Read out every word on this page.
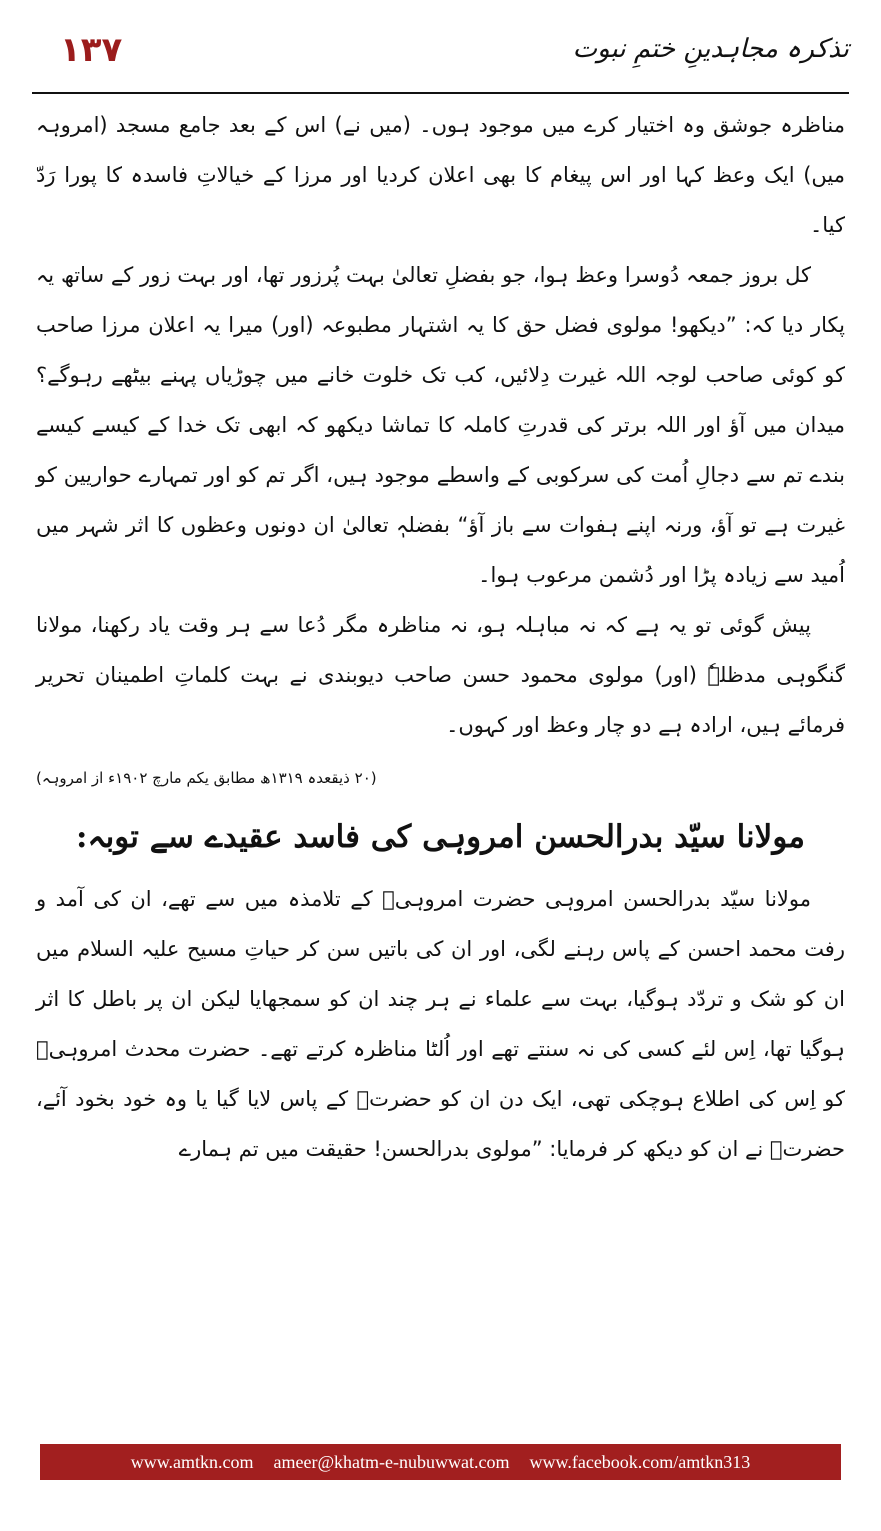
۱۳۷	تذکرہ مجاہدینِ ختمِ نبوت

مناظرہ جوشق وہ اختیار کرے میں موجود ہوں۔ (میں نے) اس کے بعد جامع مسجد (امروہہ میں) ایک وعظ کہا اور اس پیغام کا بھی اعلان کردیا اور مرزا کے خیالاتِ فاسدہ کا پورا رَدّ کیا۔

کل بروز جمعہ دُوسرا وعظ ہوا، جو بفضلِ تعالیٰ بہت پُرزور تھا، اور بہت زور کے ساتھ یہ پکار دیا کہ: ”دیکھو! مولوی فضل حق کا یہ اشتہار مطبوعہ (اور) میرا یہ اعلان مرزا صاحب کو کوئی صاحب لوجہ اللہ غیرت دِلائیں، کب تک خلوت خانے میں چوڑیاں پہنے بیٹھے رہوگے؟ میدان میں آؤ اور اللہ برتر کی قدرتِ کاملہ کا تماشا دیکھو کہ ابھی تک خدا کے کیسے کیسے بندے تم سے دجالِ اُمت کی سرکوبی کے واسطے موجود ہیں، اگر تم کو اور تمہارے حواریین کو غیرت ہے تو آؤ، ورنہ اپنے ہفوات سے باز آؤ“ بفضلہٖ تعالیٰ ان دونوں وعظوں کا اثر شہر میں اُمید سے زیادہ پڑا اور دُشمن مرعوب ہوا۔

پیش گوئی تو یہ ہے کہ نہ مباہلہ ہو، نہ مناظرہ مگر دُعا سے ہر وقت یاد رکھنا، مولانا گنگوہی مدظلہٗ (اور) مولوی محمود حسن صاحب دیوبندی نے بہت کلماتِ اطمینان تحریر فرمائے ہیں، ارادہ ہے دو چار وعظ اور کہوں۔

(۲۰ ذیقعدہ ۱۳۱۹ھ مطابق یکم مارچ ۱۹۰۲ء از امروہہ)

مولانا سیّد بدرالحسن امروہی کی فاسد عقیدے سے توبہ:

مولانا سیّد بدرالحسن امروہی حضرت امروہیؒ کے تلامذہ میں سے تھے، ان کی آمد و رفت محمد احسن کے پاس رہنے لگی، اور ان کی باتیں سن کر حیاتِ مسیح علیہ السلام میں ان کو شک و تردّد ہوگیا، بہت سے علماء نے ہر چند ان کو سمجھایا لیکن ان پر باطل کا اثر ہوگیا تھا، اِس لئے کسی کی نہ سنتے تھے اور اُلٹا مناظرہ کرتے تھے۔ حضرت محدث امروہیؒ کو اِس کی اطلاع ہوچکی تھی، ایک دن ان کو حضرتؒ کے پاس لایا گیا یا وہ خود بخود آئے، حضرتؒ نے ان کو دیکھ کر فرمایا: ”مولوی بدرالحسن! حقیقت میں تم ہمارے

www.amtkn.com ameer@khatm-e-nubuwwat.com www.facebook.com/amtkn313
